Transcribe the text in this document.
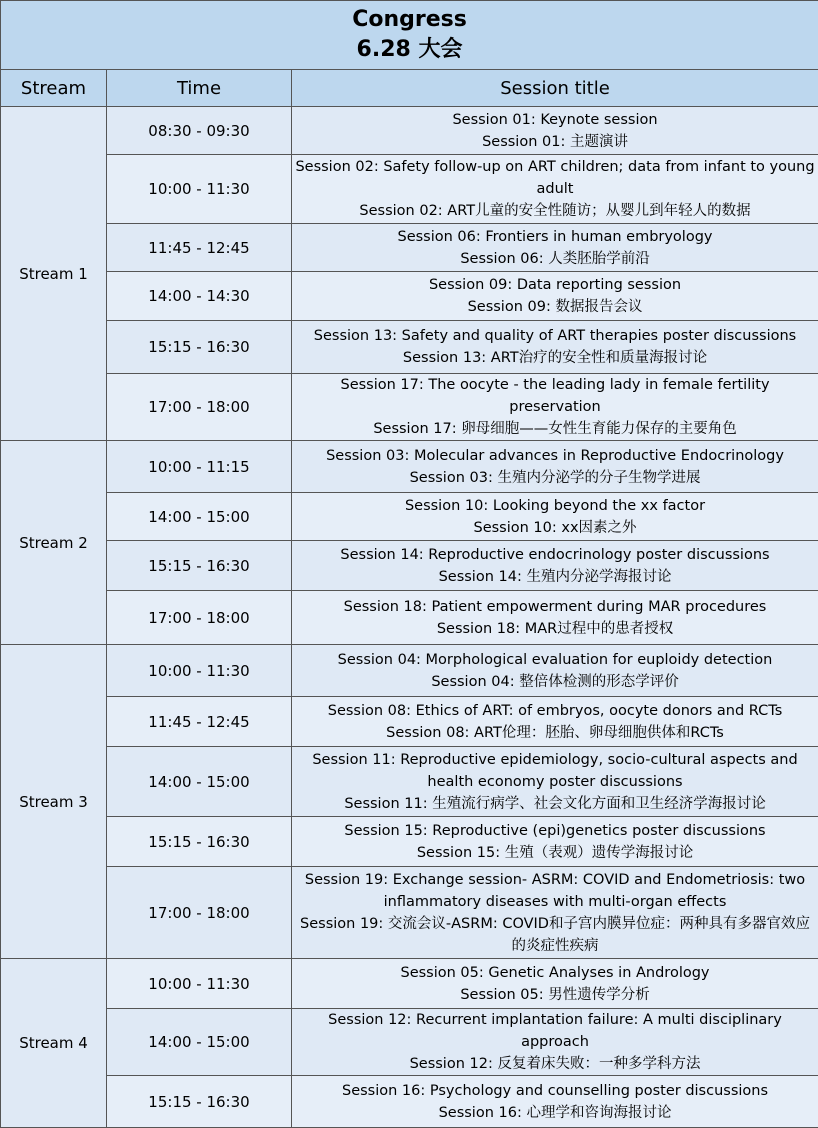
Congress
6.28 大会		

Stream	Time	Session title
Stream 1	08:30 - 09:30	Session 01: Keynote session
Session 01: 主题演讲

	10:00 - 11:30	Session 02: Safety follow-up on ART children; data from infant to young adult
Session 02: ART儿童的安全性随访；从婴儿到年轻人的数据

	11:45 - 12:45	Session 06: Frontiers in human embryology
Session 06: 人类胚胎学前沿

	14:00 - 14:30	Session 09: Data reporting session
Session 09: 数据报告会议

	15:15 - 16:30	Session 13: Safety and quality of ART therapies poster discussions
Session 13: ART治疗的安全性和质量海报讨论

	17:00 - 18:00	Session 17: The oocyte - the leading lady in female fertility preservation
Session 17: 卵母细胞——女性生育能力保存的主要角色

Stream 2	10:00 - 11:15	Session 03: Molecular advances in Reproductive Endocrinology
Session 03: 生殖内分泌学的分子生物学进展

	14:00 - 15:00	Session 10: Looking beyond the xx factor
Session 10: xx因素之外

	15:15 - 16:30	Session 14: Reproductive endocrinology poster discussions
Session 14: 生殖内分泌学海报讨论

	17:00 - 18:00	Session 18: Patient empowerment during MAR procedures
Session 18: MAR过程中的患者授权

Stream 3	10:00 - 11:30	Session 04: Morphological evaluation for euploidy detection
Session 04: 整倍体检测的形态学评价

	11:45 - 12:45	Session 08: Ethics of ART: of embryos, oocyte donors and RCTs
Session 08: ART伦理：胚胎、卵母细胞供体和RCTs

	14:00 - 15:00	Session 11: Reproductive epidemiology, socio-cultural aspects and health economy poster discussions
Session 11: 生殖流行病学、社会文化方面和卫生经济学海报讨论

	15:15 - 16:30	Session 15: Reproductive (epi)genetics poster discussions
Session 15: 生殖（表观）遗传学海报讨论

	17:00 - 18:00	Session 19: Exchange session- ASRM: COVID and Endometriosis: two inflammatory diseases with multi-organ effects
Session 19: 交流会议-ASRM: COVID和子宫内膜异位症：两种具有多器官效应的炎症性疾病

Stream 4	10:00 - 11:30	Session 05: Genetic Analyses in Andrology
Session 05: 男性遗传学分析

	14:00 - 15:00	Session 12: Recurrent implantation failure: A multi disciplinary approach
Session 12: 反复着床失败：一种多学科方法

	15:15 - 16:30	Session 16: Psychology and counselling poster discussions
Session 16: 心理学和咨询海报讨论
